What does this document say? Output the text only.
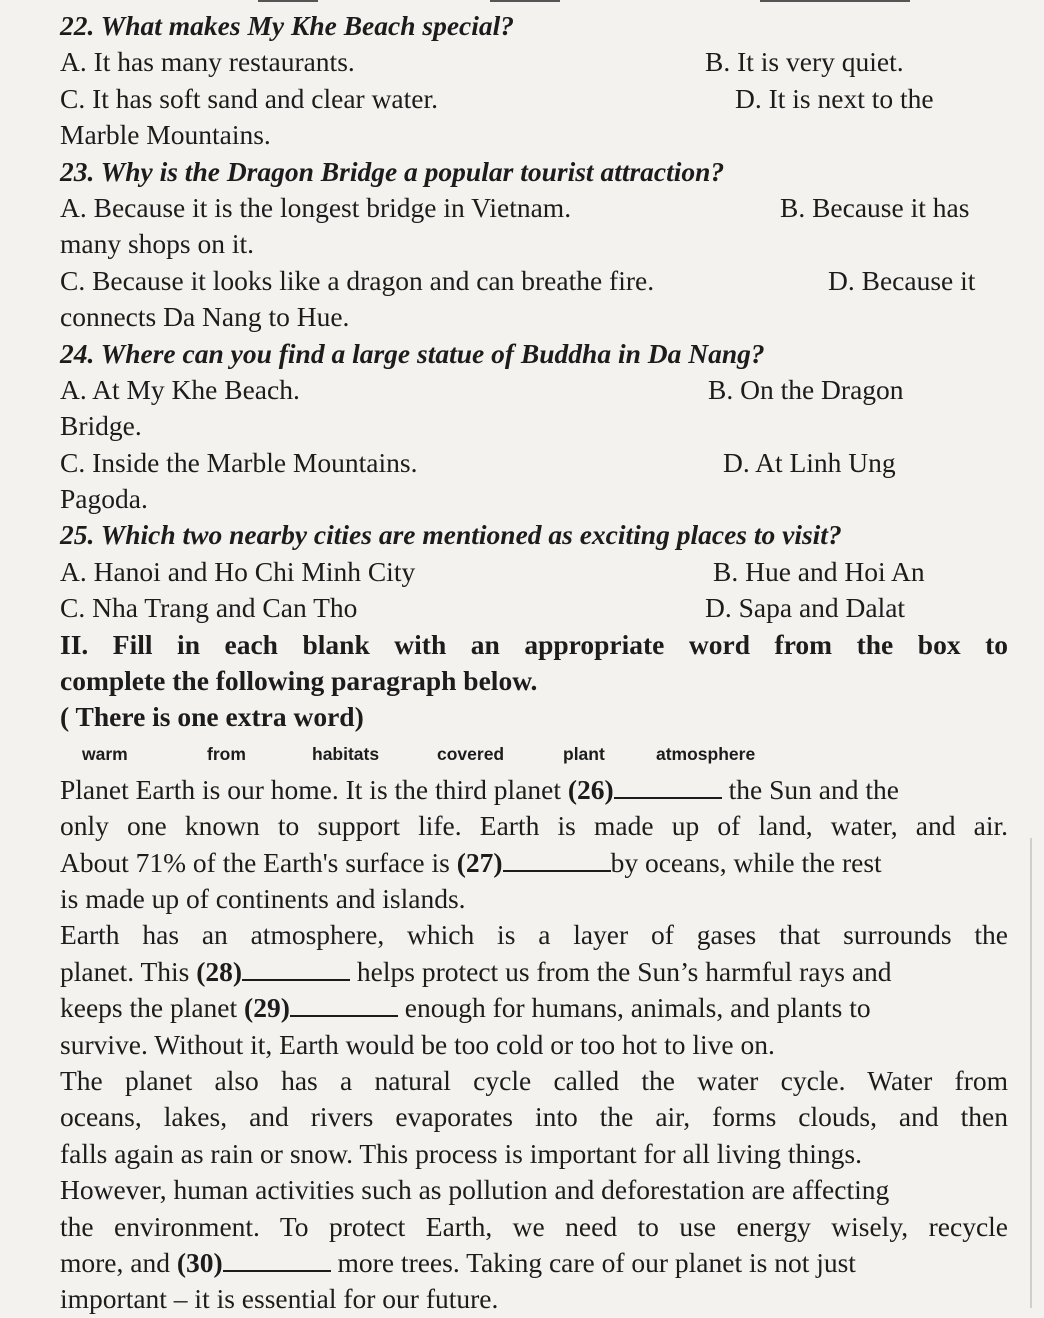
22. What makes My Khe Beach special?
A. It has many restaurants.	B. It is very quiet.
C. It has soft sand and clear water.	D. It is next to the
Marble Mountains.
23. Why is the Dragon Bridge a popular tourist attraction?
A. Because it is the longest bridge in Vietnam.	B. Because it has
many shops on it.
C. Because it looks like a dragon and can breathe fire.	D. Because it
connects Da Nang to Hue.
24. Where can you find a large statue of Buddha in Da Nang?
A. At My Khe Beach.	B. On the Dragon
Bridge.
C. Inside the Marble Mountains.	D. At Linh Ung
Pagoda.
25. Which two nearby cities are mentioned as exciting places to visit?
A. Hanoi and Ho Chi Minh City	B. Hue and Hoi An
C. Nha Trang and Can Tho	D. Sapa and Dalat
II. Fill in each blank with an appropriate word from the box to
complete the following paragraph below.
( There is one extra word)
warm	from	habitats	covered	plant	atmosphere
Planet Earth is our home. It is the third planet (26)	the Sun and the
only one known to support life. Earth is made up of land, water, and air.
About 71% of the Earth's surface is (27)	by oceans, while the rest
is made up of continents and islands.
Earth has an atmosphere, which is a layer of gases that surrounds the
planet. This (28)	helps protect us from the Sun’s harmful rays and
keeps the planet (29)	enough for humans, animals, and plants to
survive. Without it, Earth would be too cold or too hot to live on.
The planet also has a natural cycle called the water cycle. Water from
oceans, lakes, and rivers evaporates into the air, forms clouds, and then
falls again as rain or snow. This process is important for all living things.
However, human activities such as pollution and deforestation are affecting
the environment. To protect Earth, we need to use energy wisely, recycle
more, and (30)	more trees. Taking care of our planet is not just
important – it is essential for our future.
